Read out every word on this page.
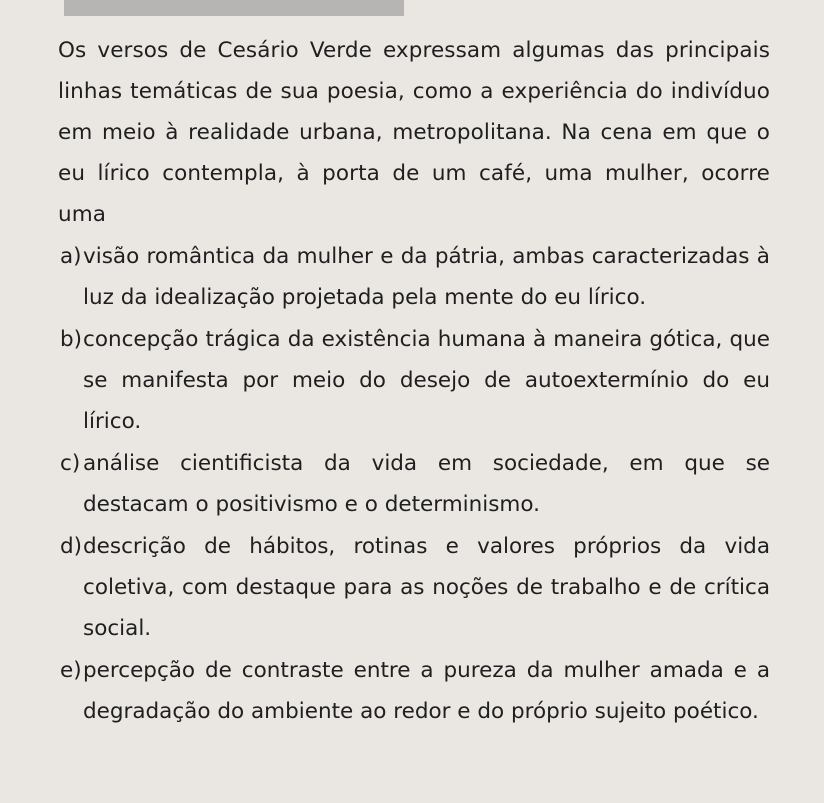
Os versos de Cesário Verde expressam algumas das principais linhas temáticas de sua poesia, como a experiência do indivíduo em meio à realidade urbana, metropolitana. Na cena em que o eu lírico contempla, à porta de um café, uma mulher, ocorre uma

a) visão romântica da mulher e da pátria, ambas caracterizadas à luz da idealização projetada pela mente do eu lírico.
b) concepção trágica da existência humana à maneira gótica, que se manifesta por meio do desejo de autoextermínio do eu lírico.
c) análise cientificista da vida em sociedade, em que se destacam o positivismo e o determinismo.
d) descrição de hábitos, rotinas e valores próprios da vida coletiva, com destaque para as noções de trabalho e de crítica social.
e) percepção de contraste entre a pureza da mulher amada e a degradação do ambiente ao redor e do próprio sujeito poético.
